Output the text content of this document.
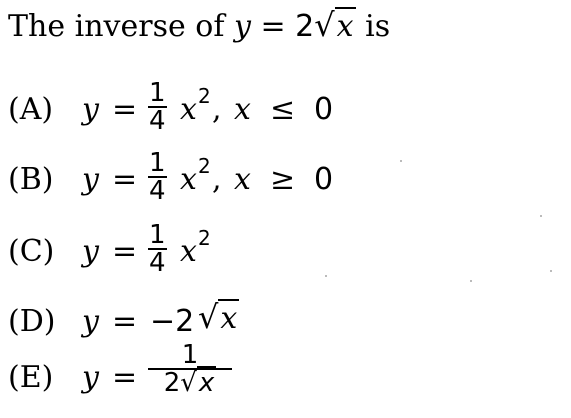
The inverse of y = 2√x is
(A) $y = \frac{1}{4}$ x 2 , x ≤ 0
(B) $y = \frac{1}{4}$ x 2 , x ≥ 0
(C) $y = \frac{1}{4}$ x 2
(D) y = −2 √x
(E) $y = \frac{1}{2√x}$
